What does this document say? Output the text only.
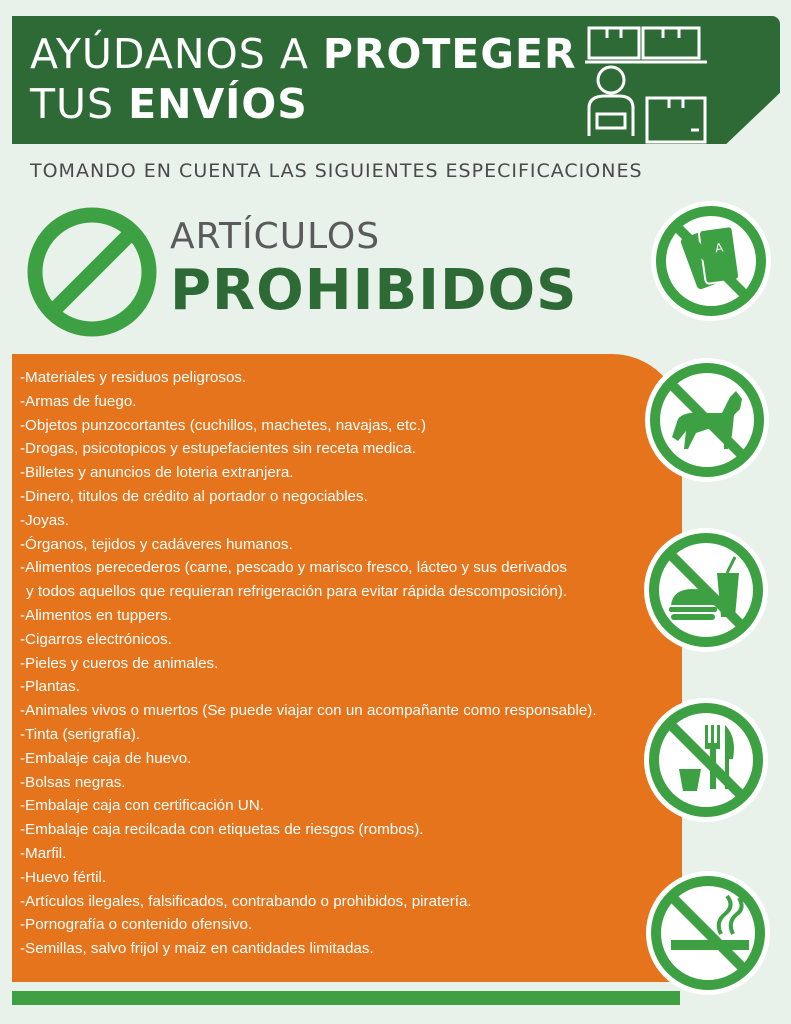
AYÚDANOS A PROTEGER
TUS ENVÍOS
TOMANDO EN CUENTA LAS SIGUIENTES ESPECIFICACIONES
ARTÍCULOS
PROHIBIDOS
-Materiales y residuos peligrosos.
-Armas de fuego.
-Objetos punzocortantes (cuchillos, machetes, navajas, etc.)
-Drogas, psicotopicos y estupefacientes sin receta medica.
-Billetes y anuncios de loteria extranjera.
-Dinero, titulos de crédito al portador o negociables.
-Joyas.
-Órganos, tejidos y cadáveres humanos.
-Alimentos perecederos (carne, pescado y marisco fresco, lácteo y sus derivados
y todos aquellos que requieran refrigeración para evitar rápida descomposición).
-Alimentos en tuppers.
-Cigarros electrónicos.
-Pieles y cueros de animales.
-Plantas.
-Animales vivos o muertos (Se puede viajar con un acompañante como responsable).
-Tinta (serigrafía).
-Embalaje caja de huevo.
-Bolsas negras.
-Embalaje caja con certificación UN.
-Embalaje caja recilcada con etiquetas de riesgos (rombos).
-Marfil.
-Huevo fértil.
-Artículos ilegales, falsificados, contrabando o prohibidos, piratería.
-Pornografía o contenido ofensivo.
-Semillas, salvo frijol y maiz en cantidades limitadas.
A
